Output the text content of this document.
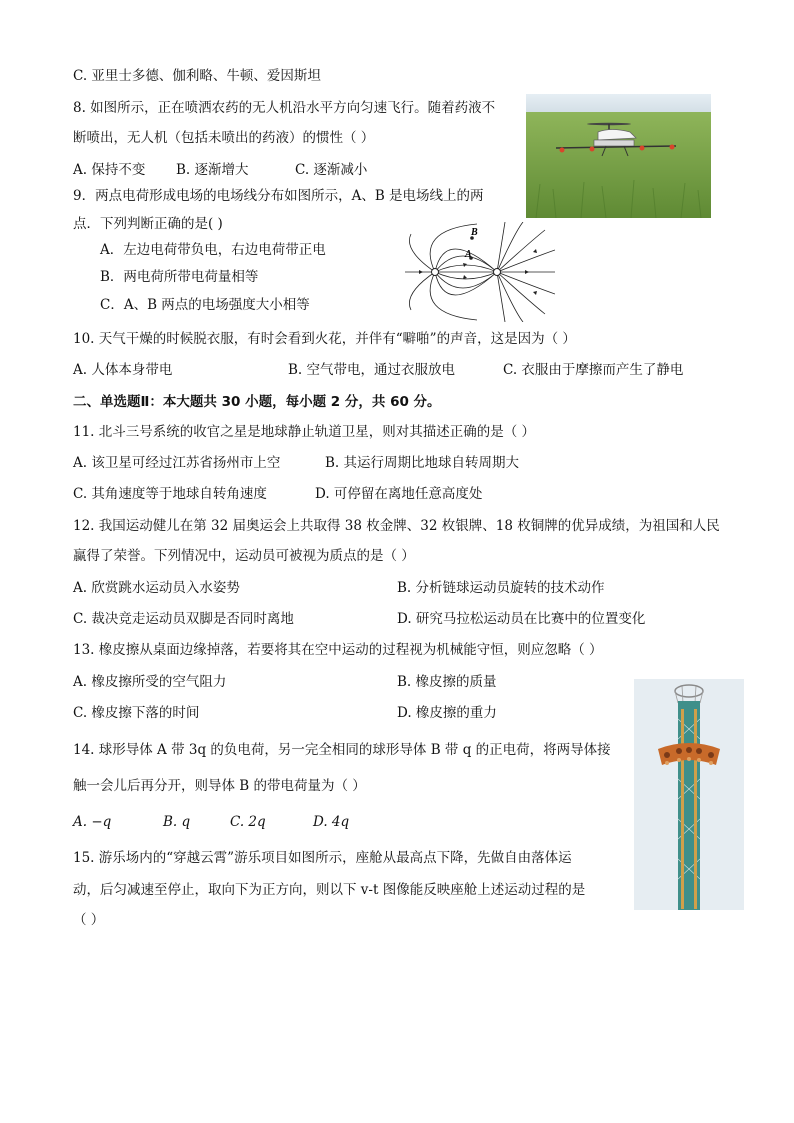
C. 亚里士多德、伽利略、牛顿、爱因斯坦
8. 如图所示，正在喷洒农药的无人机沿水平方向匀速飞行。随着药液不
断喷出，无人机（包括未喷出的药液）的惯性（ ）
A. 保持不变 B. 逐渐增大	C. 逐渐减小
9．两点电荷形成电场的电场线分布如图所示，A、B 是电场线上的两
点．下列判断正确的是( )
A．左边电荷带负电，右边电荷带正电
B．两电荷所带电荷量相等
C．A、B 两点的电场强度大小相等
B
A
10. 天气干燥的时候脱衣服，有时会看到火花，并伴有“噼啪”的声音，这是因为（ ）
A. 人体本身带电	B. 空气带电，通过衣服放电	C. 衣服由于摩擦而产生了静电
二、单选题Ⅱ：本大题共 30 小题，每小题 2 分，共 60 分。
11. 北斗三号系统的收官之星是地球静止轨道卫星，则对其描述正确的是（ ）
A. 该卫星可经过江苏省扬州市上空	B. 其运行周期比地球自转周期大
C. 其角速度等于地球自转角速度	D. 可停留在离地任意高度处
12. 我国运动健儿在第 32 届奥运会上共取得 38 枚金牌、32 枚银牌、18 枚铜牌的优异成绩，为祖国和人民
赢得了荣誉。下列情况中，运动员可被视为质点的是（ ）
A. 欣赏跳水运动员入水姿势	B. 分析链球运动员旋转的技术动作
C. 裁决竞走运动员双脚是否同时离地	D. 研究马拉松运动员在比赛中的位置变化
13. 橡皮擦从桌面边缘掉落，若要将其在空中运动的过程视为机械能守恒，则应忽略（ ）
A. 橡皮擦所受的空气阻力	B. 橡皮擦的质量
C. 橡皮擦下落的时间	D. 橡皮擦的重力
14. 球形导体 A 带 3q 的负电荷，另一完全相同的球形导体 B 带 q 的正电荷，将两导体接
触一会儿后再分开，则导体 B 的带电荷量为（ ）
A. −q	B. q	C. 2q	D. 4q
15. 游乐场内的“穿越云霄”游乐项目如图所示，座舱从最高点下降，先做自由落体运
动，后匀减速至停止，取向下为正方向，则以下 v-t 图像能反映座舱上述运动过程的是
（ ）
